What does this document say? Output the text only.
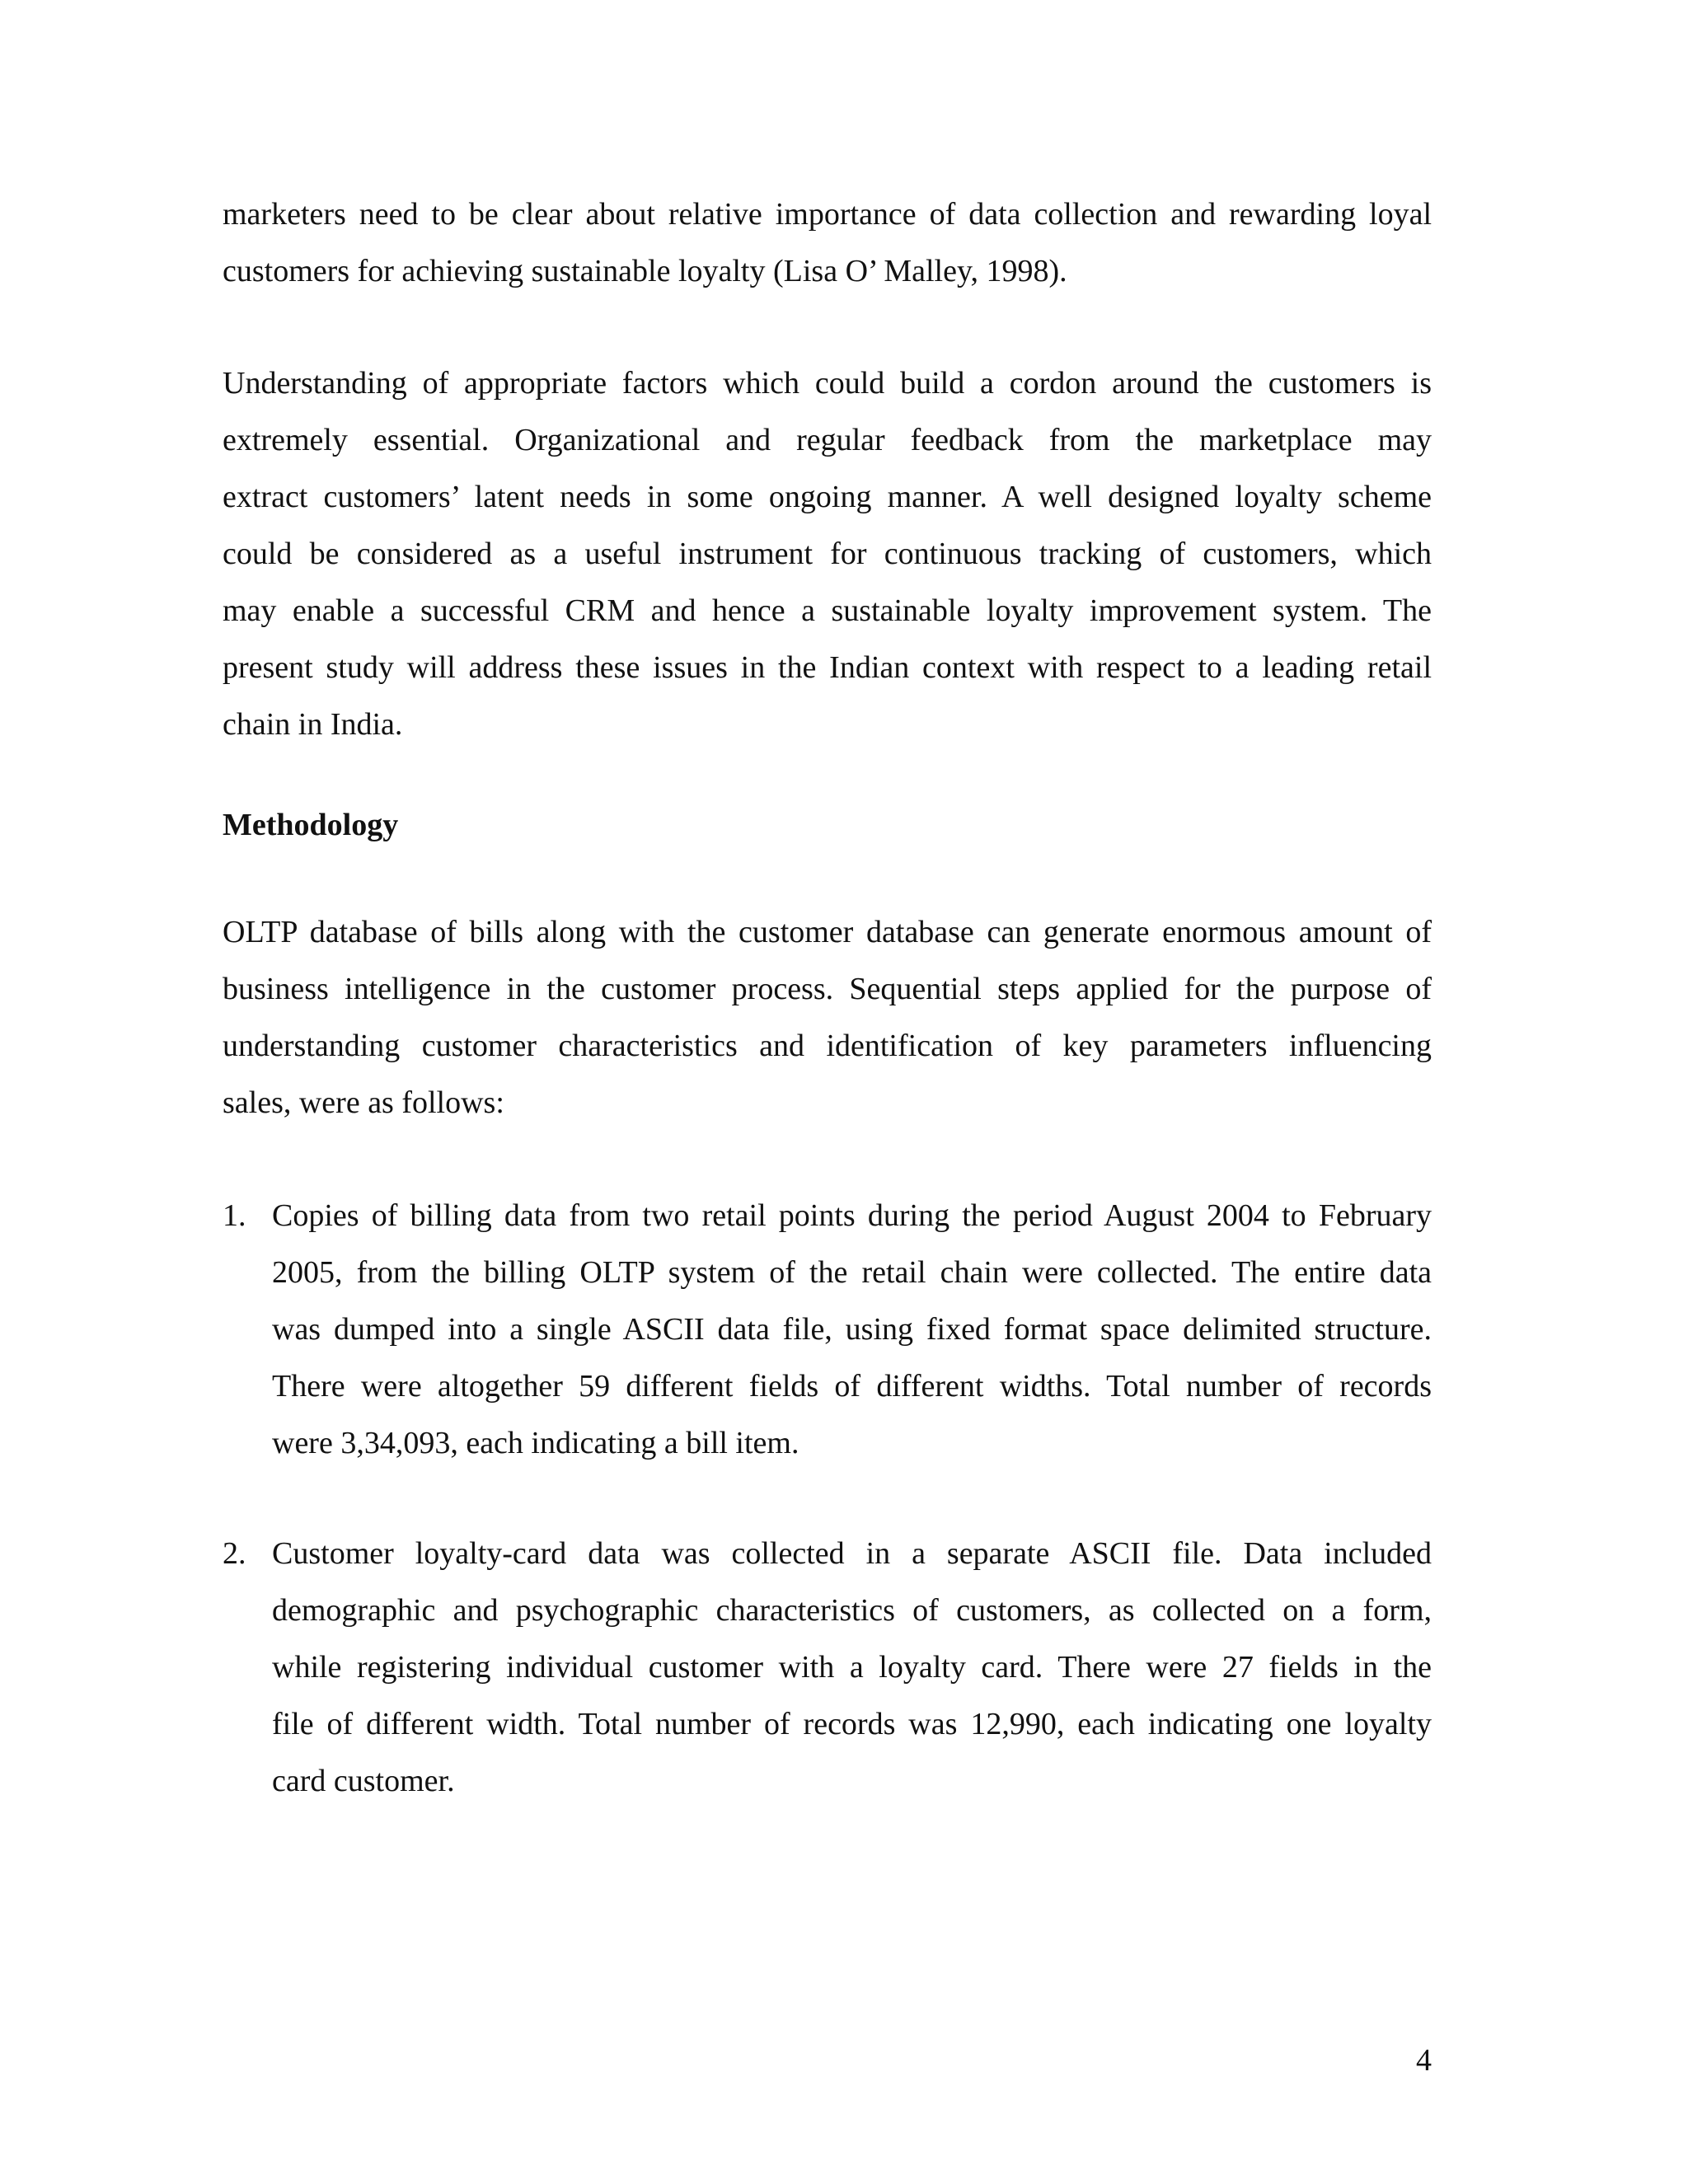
marketers need to be clear about relative importance of data collection and rewarding loyal
customers for achieving sustainable loyalty (Lisa O’ Malley, 1998).

Understanding of appropriate factors which could build a cordon around the customers is
extremely essential. Organizational and regular feedback from the marketplace may
extract customers’ latent needs in some ongoing manner. A well designed loyalty scheme
could be considered as a useful instrument for continuous tracking of customers, which
may enable a successful CRM and hence a sustainable loyalty improvement system. The
present study will address these issues in the Indian context with respect to a leading retail
chain in India.

Methodology

OLTP database of bills along with the customer database can generate enormous amount of
business intelligence in the customer process. Sequential steps applied for the purpose of
understanding customer characteristics and identification of key parameters influencing
sales, were as follows:

1. Copies of billing data from two retail points during the period August 2004 to February
2005, from the billing OLTP system of the retail chain were collected. The entire data
was dumped into a single ASCII data file, using fixed format space delimited structure.
There were altogether 59 different fields of different widths. Total number of records
were 3,34,093, each indicating a bill item.
2. Customer loyalty-card data was collected in a separate ASCII file. Data included
demographic and psychographic characteristics of customers, as collected on a form,
while registering individual customer with a loyalty card. There were 27 fields in the
file of different width. Total number of records was 12,990, each indicating one loyalty
card customer.
4
